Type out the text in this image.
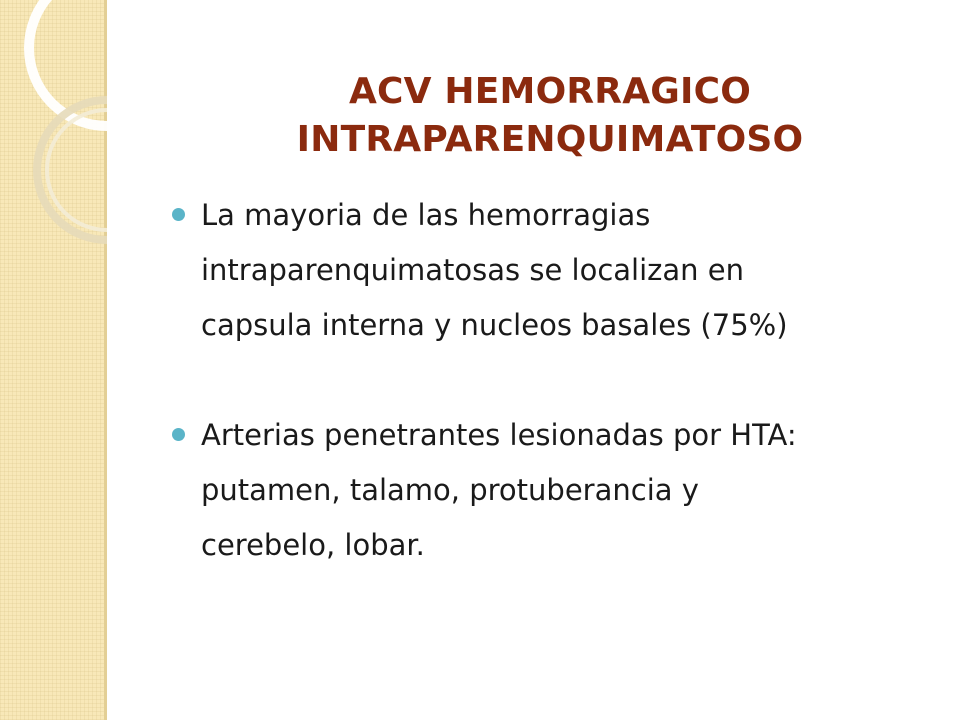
ACV HEMORRAGICO
INTRAPARENQUIMATOSO
La mayoria de las hemorragias
intraparenquimatosas se localizan en
capsula interna y nucleos basales (75%)
Arterias penetrantes lesionadas por HTA:
putamen, talamo, protuberancia y
cerebelo, lobar.
